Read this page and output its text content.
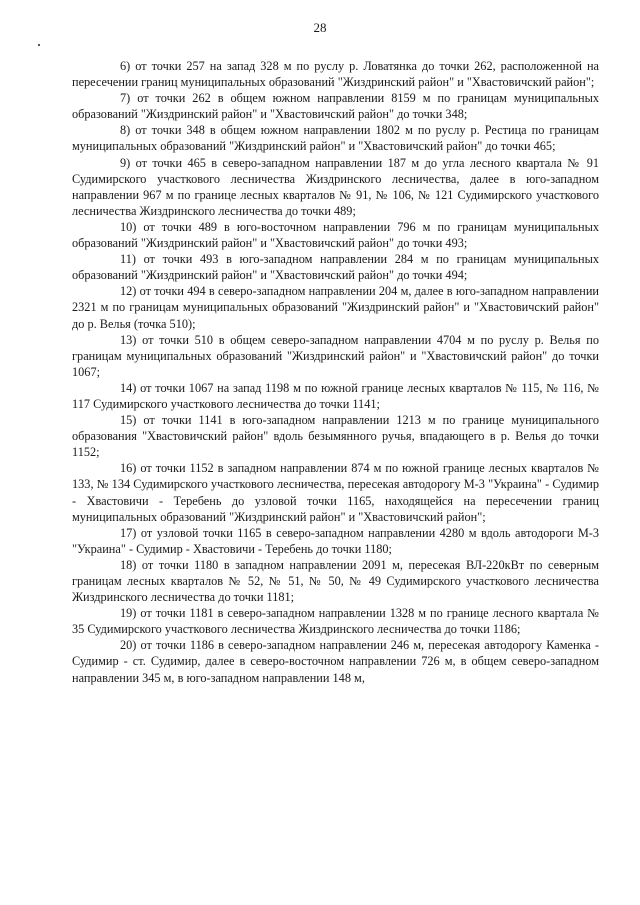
28

6) от точки 257 на запад 328 м по руслу р. Ловатянка до точки 262, расположенной на пересечении границ муниципальных образований "Жиздринский район" и "Хвастовичский район";

7) от точки 262 в общем южном направлении 8159 м по границам муниципальных образований "Жиздринский район" и "Хвастовичский район" до точки 348;

8) от точки 348 в общем южном направлении 1802 м по руслу р. Рестица по границам муниципальных образований "Жиздринский район" и "Хвастовичский район" до точки 465;

9) от точки 465 в северо-западном направлении 187 м до угла лесного квартала № 91 Судимирского участкового лесничества Жиздринского лесничества, далее в юго-западном направлении 967 м по границе лесных кварталов № 91, № 106, № 121 Судимирского участкового лесничества Жиздринского лесничества до точки 489;

10) от точки 489 в юго-восточном направлении 796 м по границам муниципальных образований "Жиздринский район" и "Хвастовичский район" до точки 493;

11) от точки 493 в юго-западном направлении 284 м по границам муниципальных образований "Жиздринский район" и "Хвастовичский район" до точки 494;

12) от точки 494 в северо-западном направлении 204 м, далее в юго-западном направлении 2321 м по границам муниципальных образований "Жиздринский район" и "Хвастовичский район" до р. Велья (точка 510);

13) от точки 510 в общем северо-западном направлении 4704 м по руслу р. Велья по границам муниципальных образований "Жиздринский район" и "Хвастовичский район" до точки 1067;

14) от точки 1067 на запад 1198 м по южной границе лесных кварталов № 115, № 116, № 117 Судимирского участкового лесничества до точки 1141;

15) от точки 1141 в юго-западном направлении 1213 м по границе муниципального образования "Хвастовичский район" вдоль безымянного ручья, впадающего в р. Велья до точки 1152;

16) от точки 1152 в западном направлении 874 м по южной границе лесных кварталов № 133, № 134 Судимирского участкового лесничества, пересекая автодорогу М-3 "Украина" - Судимир - Хвастовичи - Теребень до узловой точки 1165, находящейся на пересечении границ муниципальных образований "Жиздринский район" и "Хвастовичский район";

17) от узловой точки 1165 в северо-западном направлении 4280 м вдоль автодороги М-3 "Украина" - Судимир - Хвастовичи - Теребень до точки 1180;

18) от точки 1180 в западном направлении 2091 м, пересекая ВЛ-220кВт по северным границам лесных кварталов № 52, № 51, № 50, № 49 Судимирского участкового лесничества Жиздринского лесничества до точки 1181;

19) от точки 1181 в северо-западном направлении 1328 м по границе лесного квартала № 35 Судимирского участкового лесничества Жиздринского лесничества до точки 1186;

20) от точки 1186 в северо-западном направлении 246 м, пересекая автодорогу Каменка - Судимир - ст. Судимир, далее в северо-восточном направлении 726 м, в общем северо-западном направлении 345 м, в юго-западном направлении 148 м,
